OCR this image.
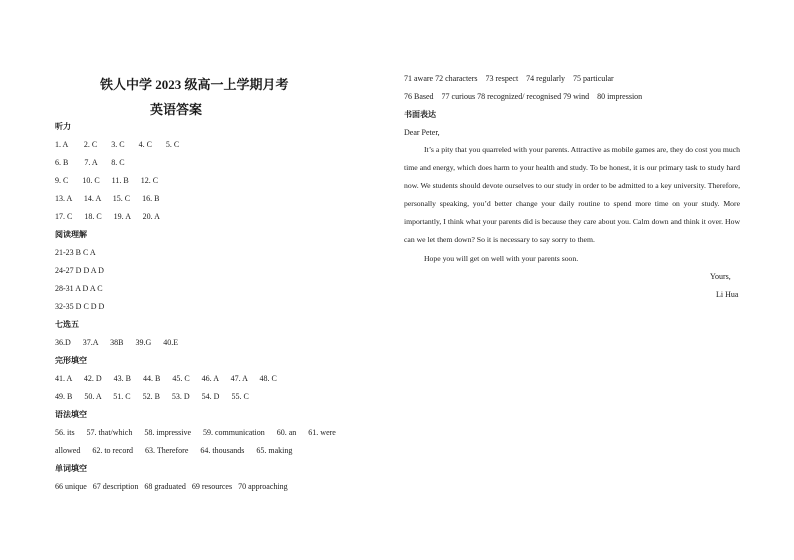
铁人中学 2023 级高一上学期月考
英语答案
听力
1. A        2. C       3. C       4. C       5. C
6. B        7. A       8. C
9. C       10. C      11. B      12. C
13. A      14. A      15. C      16. B
17. C      18. C      19. A      20. A
阅读理解
21-23 B C A
24-27 D D A D
28-31 A D A C
32-35 D C D D
七选五
36.D      37.A      38B      39.G      40.E
完形填空
41. A      42. D      43. B      44. B      45. C      46. A      47. A      48. C
49. B      50. A      51. C      52. B      53. D      54. D      55. C
语法填空
56. its      57. that/which      58. impressive      59. communication      60. an      61. were
allowed      62. to record      63. Therefore      64. thousands      65. making
单词填空
66 unique   67 description   68 graduated   69 resources   70 approaching
71 aware 72 characters    73 respect    74 regularly    75 particular
76 Based    77 curious 78 recognized/ recognised 79 wind    80 impression
书面表达
Dear Peter,
It’s a pity that you quarreled with your parents. Attractive as mobile games are, they do cost you much time and energy, which does harm to your health and study. To be honest, it is our primary task to study hard now. We students should devote ourselves to our study in order to be admitted to a key university. Therefore, personally speaking, you’d better change your daily routine to spend more time on your study. More importantly, I think what your parents did is because they care about you. Calm down and think it over. How can we let them down? So it is necessary to say sorry to them.
Hope you will get on well with your parents soon.
Yours,
Li Hua
